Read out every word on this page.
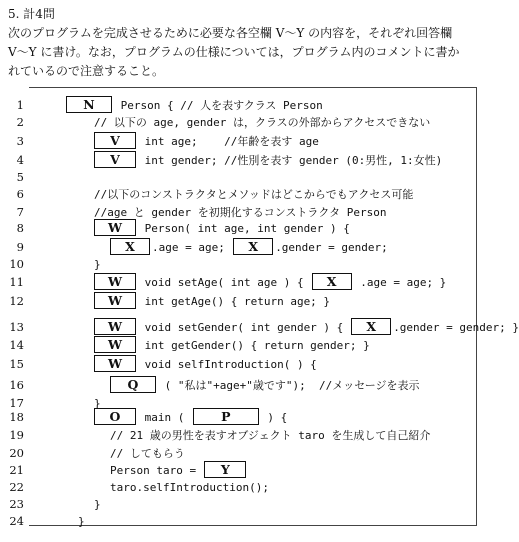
5. 計4問
次のプログラムを完成させるために必要な各空欄 V～Y の内容を，それぞれ回答欄
V～Y に書け。なお，プログラムの仕様については，プログラム内のコメントに書か
れているので注意すること。
1	N	Person { // 人を表すクラス Person
2	// 以下の age, gender は，クラスの外部からアクセスできない
3	V	int age;    //年齢を表す age
4	V	int gender; //性別を表す gender (0:男性, 1:女性)
5
6	//以下のコンストラクタとメソッドはどこからでもアクセス可能
7	//age と gender を初期化するコンストラクタ Person
8	W	Person( int age, int gender ) {
9	X	.age = age;	X	.gender = gender;
10	}
11	W	void setAge( int age ) {	X	.age = age; }
12	W	int getAge() { return age; }
13	W	void setGender( int gender ) {	X	.gender = gender; }
14	W	int getGender() { return gender; }
15	W	void selfIntroduction( ) {
16	Q	( "私は"+age+"歳です");  //メッセージを表示
17	}
18	O	main (	P	) {
19	// 21 歳の男性を表すオブジェクト taro を生成して自己紹介
20	// してもらう
21	Person taro =	Y
22	taro.selfIntroduction();
23	}
24	}
